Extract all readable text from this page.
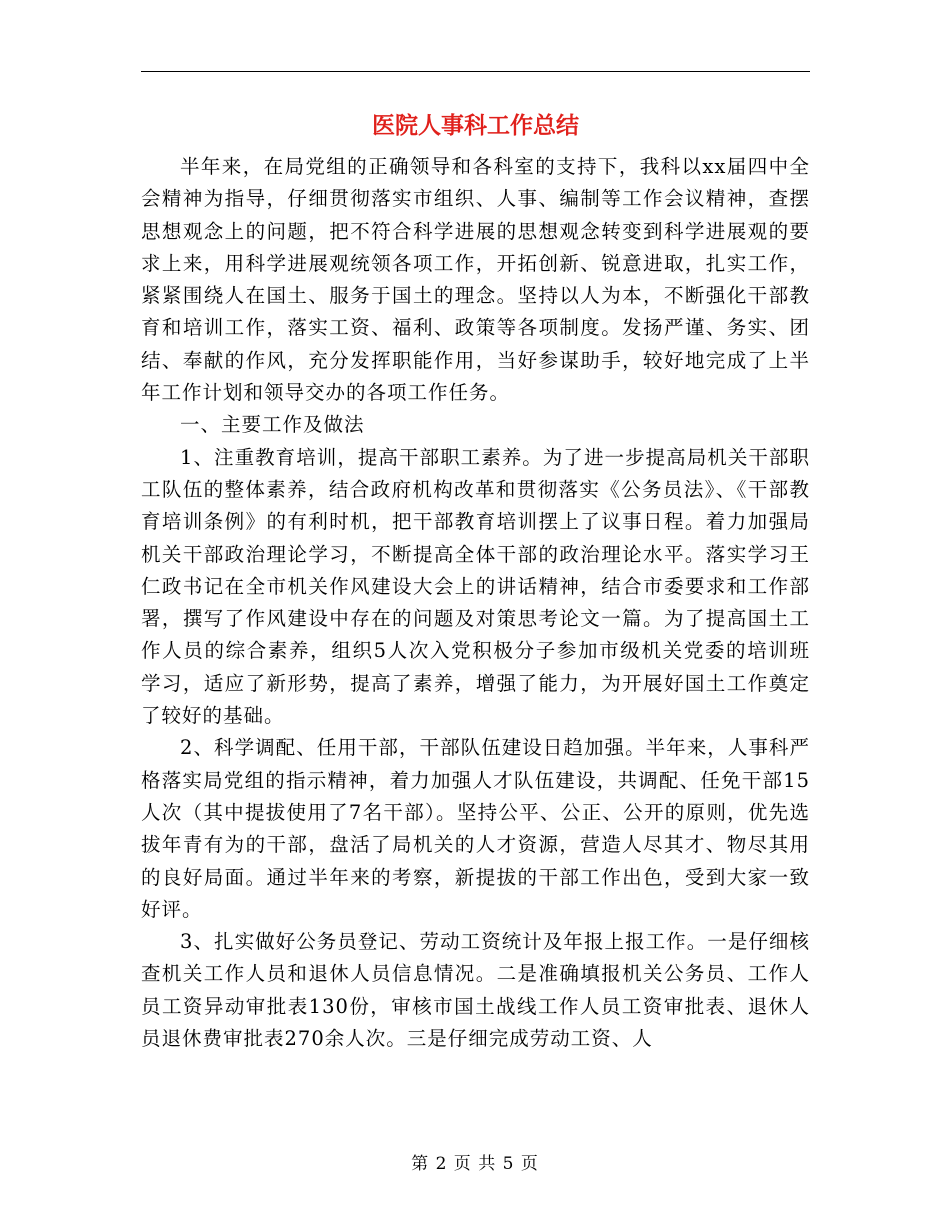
医院人事科工作总结

半年来，在局党组的正确领导和各科室的支持下，我科以xx届四中全会精神为指导，仔细贯彻落实市组织、人事、编制等工作会议精神，查摆思想观念上的问题，把不符合科学进展的思想观念转变到科学进展观的要求上来，用科学进展观统领各项工作，开拓创新、锐意进取，扎实工作，紧紧围绕人在国土、服务于国土的理念。坚持以人为本，不断强化干部教育和培训工作，落实工资、福利、政策等各项制度。发扬严谨、务实、团结、奉献的作风，充分发挥职能作用，当好参谋助手，较好地完成了上半年工作计划和领导交办的各项工作任务。

一、主要工作及做法

1、注重教育培训，提高干部职工素养。为了进一步提高局机关干部职工队伍的整体素养，结合政府机构改革和贯彻落实《公务员法》、《干部教育培训条例》的有利时机，把干部教育培训摆上了议事日程。着力加强局机关干部政治理论学习，不断提高全体干部的政治理论水平。落实学习王仁政书记在全市机关作风建设大会上的讲话精神，结合市委要求和工作部署，撰写了作风建设中存在的问题及对策思考论文一篇。为了提高国土工作人员的综合素养，组织5人次入党积极分子参加市级机关党委的培训班学习，适应了新形势，提高了素养，增强了能力，为开展好国土工作奠定了较好的基础。

2、科学调配、任用干部，干部队伍建设日趋加强。半年来，人事科严格落实局党组的指示精神，着力加强人才队伍建设，共调配、任免干部15人次（其中提拔使用了7名干部）。坚持公平、公正、公开的原则，优先选拔年青有为的干部，盘活了局机关的人才资源，营造人尽其才、物尽其用的良好局面。通过半年来的考察，新提拔的干部工作出色，受到大家一致好评。

3、扎实做好公务员登记、劳动工资统计及年报上报工作。一是仔细核查机关工作人员和退休人员信息情况。二是准确填报机关公务员、工作人员工资异动审批表130份，审核市国土战线工作人员工资审批表、退休人员退休费审批表270余人次。三是仔细完成劳动工资、人

第 2 页 共 5 页
